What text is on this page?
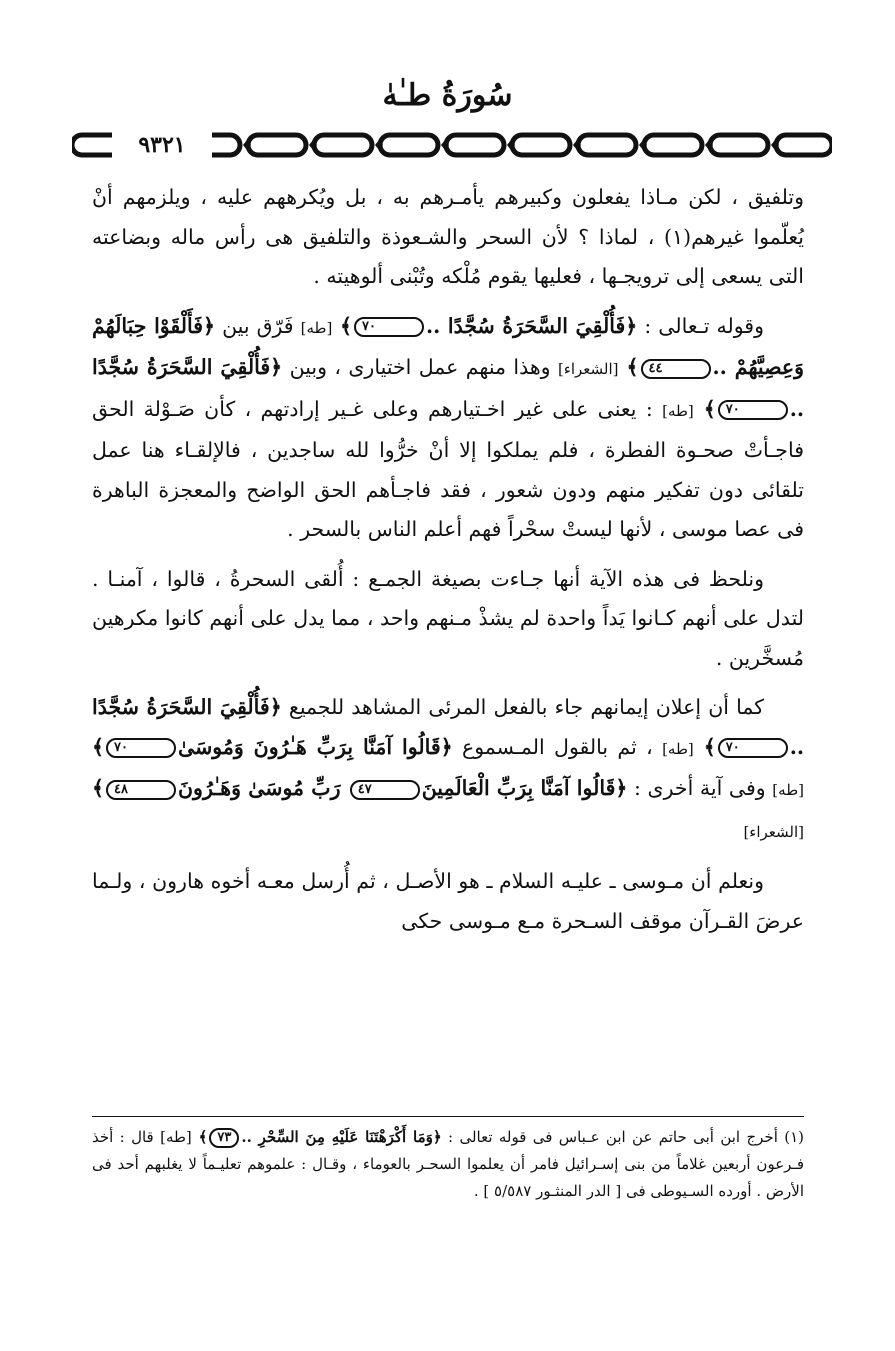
سُورَةُ طـٰهٰ
٩٣٢١

وتلفيق ، لكن مـاذا يفعلون وكبيرهم يأمـرهم به ، بل ويُكرههم عليه ، ويلزمهم أنْ يُعلّموا غيرهم(١) ، لماذا ؟ لأن السحر والشـعوذة والتلفيق هى رأس ماله وبضاعته التى يسعى إلى ترويجـها ، فعليها يقوم مُلْكه وتُبْنى ألوهيته .

وقوله تـعالى : ﴿فَأُلْقِيَ السَّحَرَةُ سُجَّدًا ..٧٠﴾ [طه] فَرّق بين ﴿فَأَلْقَوْا حِبَالَهُمْ وَعِصِيَّهُمْ ..٤٤﴾ [الشعراء] وهذا منهم عمل اختيارى ، وبين ﴿فَأُلْقِيَ السَّحَرَةُ سُجَّدًا ..٧٠﴾ [طه] : يعنى على غير اخـتيارهم وعلى غـير إرادتهم ، كأن صَـوْلة الحق فاجـأتْ صحـوة الفطرة ، فلم يملكوا إلا أنْ خرُّوا لله ساجدين ، فالإلقـاء هنا عمل تلقائى دون تفكير منهم ودون شعور ، فقد فاجـأهم الحق الواضح والمعجزة الباهرة فى عصا موسى ، لأنها ليستْ سحْراً فهم أعلم الناس بالسحر .

ونلحظ فى هذه الآية أنها جـاءت بصيغة الجمـع : أُلقى السحرةُ ، قالوا ، آمنـا . لتدل على أنهم كـانوا يَداً واحدة لم يشذْ مـنهم واحد ، مما يدل على أنهم كانوا مكرهين مُسخَّرين .

كما أن إعلان إيمانهم جاء بالفعل المرئى المشاهد للجميع ﴿فَأُلْقِيَ السَّحَرَةُ سُجَّدًا ..٧٠﴾ [طه] ، ثم بالقول المـسموع ﴿قَالُوا آمَنَّا بِرَبِّ هَـٰرُونَ وَمُوسَىٰ٧٠﴾ [طه] وفى آية أخرى : ﴿قَالُوا آمَنَّا بِرَبِّ الْعَالَمِينَ٤٧ رَبِّ مُوسَىٰ وَهَـٰرُونَ٤٨﴾ [الشعراء]

ونعلم أن مـوسى ـ عليـه السلام ـ هو الأصـل ، ثم أُرسل معـه أخوه هارون ، ولـما عرضَ القـرآن موقف السـحرة مـع مـوسى حكى

(١) أخرج ابن أبى حاتم عن ابن عـباس فى قوله تعالى : ﴿وَمَا أَكْرَهْتَنَا عَلَيْهِ مِنَ السِّحْرِ ..٧٣﴾ [طه] قال : أخذ فـرعون أربعين غلاماً من بنى إسـرائيل فامر أن يعلموا السحـر بالعوماء ، وقـال : علموهم تعليـماً لا يغلبهم أحد فى الأرض . أورده السـيوطى فى [ الدر المنثـور ٥/٥٨٧ ] .
